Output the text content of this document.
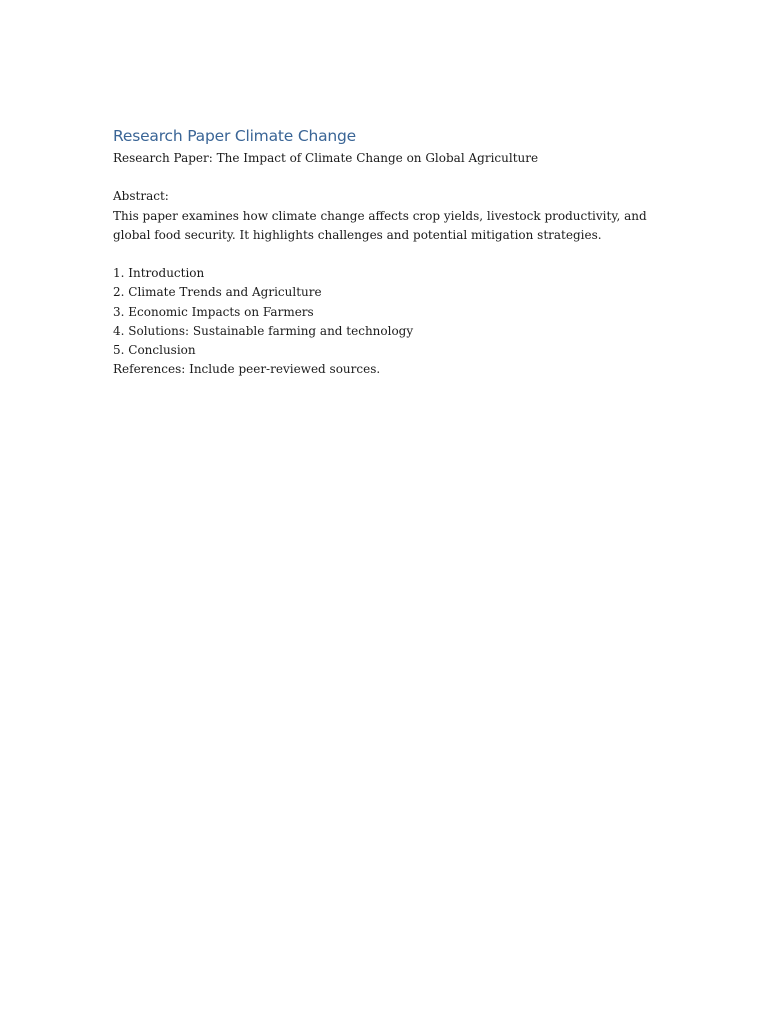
Research Paper Climate Change

Research Paper: The Impact of Climate Change on Global Agriculture

Abstract:

This paper examines how climate change affects crop yields, livestock productivity, and global food security. It highlights challenges and potential mitigation strategies.

1. Introduction
2. Climate Trends and Agriculture
3. Economic Impacts on Farmers
4. Solutions: Sustainable farming and technology
5. Conclusion

References: Include peer-reviewed sources.
